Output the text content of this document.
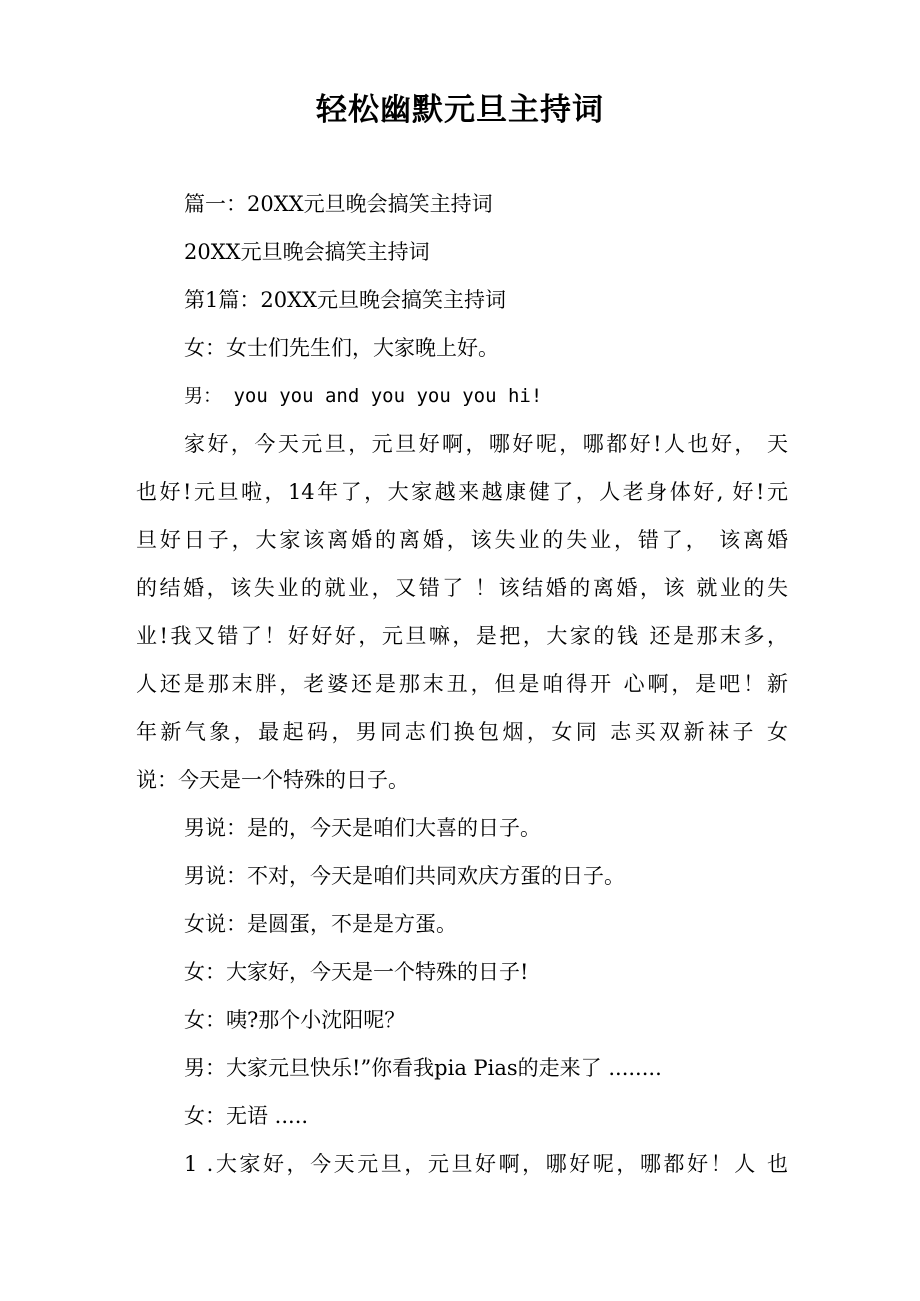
轻松幽默元旦主持词

篇一：20XX元旦晚会搞笑主持词

20XX元旦晚会搞笑主持词

第1篇：20XX元旦晚会搞笑主持词

女：女士们先生们，大家晚上好。

男： you you and you you you hi!

家好，今天元旦，元旦好啊，哪好呢，哪都好!人也好， 天

也好!元旦啦，14年了，大家越来越康健了，人老身体好, 好!元

旦好日子，大家该离婚的离婚，该失业的失业，错了， 该离婚

的结婚，该失业的就业，又错了 ！该结婚的离婚，该 就业的失

业!我又错了！好好好，元旦嘛，是把，大家的钱 还是那末多，

人还是那末胖，老婆还是那末丑，但是咱得开 心啊，是吧！新

年新气象，最起码，男同志们换包烟，女同 志买双新袜子 女

说：今天是一个特殊的日子。

男说：是的，今天是咱们大喜的日子。

男说：不对，今天是咱们共同欢庆方蛋的日子。

女说：是圆蛋，不是是方蛋。

女：大家好，今天是一个特殊的日子!

女：咦?那个小沈阳呢？

男：大家元旦快乐!”你看我pia Pias的走来了 ........

女：无语 .....

1 .大家好，今天元旦，元旦好啊，哪好呢，哪都好！人 也
